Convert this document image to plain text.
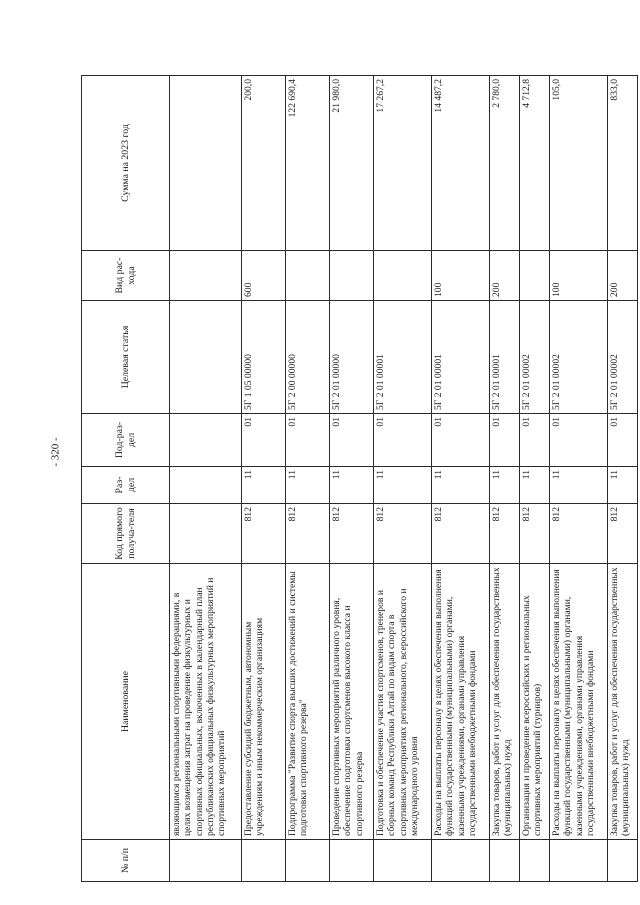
- 320 -
№ п/п	Наименование	Код прямого получа-теля	Раз-дел	Под-раз-дел	Целевая статья	Вид рас-хода	Сумма на 2023 год
	являющимся региональными спортивными федерациями, в целях возмещения затрат на проведение физкультурных и спортивных официальных, включенных в календарный план республиканских официальных физкультурных мероприятий и спортивных мероприятий						
	Предоставление субсидий бюджетным, автономным учреждениям и иным некоммерческим организациям	812	11	01	5Г 1 05 00000	600	200,0
	Подпрограмма "Развитие спорта высших достижений и системы подготовки спортивного резерва"	812	11	01	5Г 2 00 00000		122 690,4
	Проведение спортивных мероприятий различного уровня, обеспечение подготовки спортсменов высокого класса и спортивного резерва	812	11	01	5Г 2 01 00000		21 980,0
	Подготовка и обеспечение участия спортсменов, тренеров и сборных команд Республики Алтай по видам спорта в спортивных мероприятиях регионального, всероссийского и международного уровня	812	11	01	5Г 2 01 00001		17 267,2
	Расходы на выплаты персоналу в целях обеспечения выполнения функций государственными (муниципальными) органами, казенными учреждениями, органами управления государственными внебюджетными фондами	812	11	01	5Г 2 01 00001	100	14 487,2
	Закупка товаров, работ и услуг для обеспечения государственных (муниципальных) нужд	812	11	01	5Г 2 01 00001	200	2 780,0
	Организация и проведение всероссийских и региональных спортивных мероприятий (турниров)	812	11	01	5Г 2 01 00002		4 712,8
	Расходы на выплаты персоналу в целях обеспечения выполнения функций государственными (муниципальными) органами, казенными учреждениями, органами управления государственными внебюджетными фондами	812	11	01	5Г 2 01 00002	100	105,0
	Закупка товаров, работ и услуг для обеспечения государственных (муниципальных) нужд	812	11	01	5Г 2 01 00002	200	833,0
